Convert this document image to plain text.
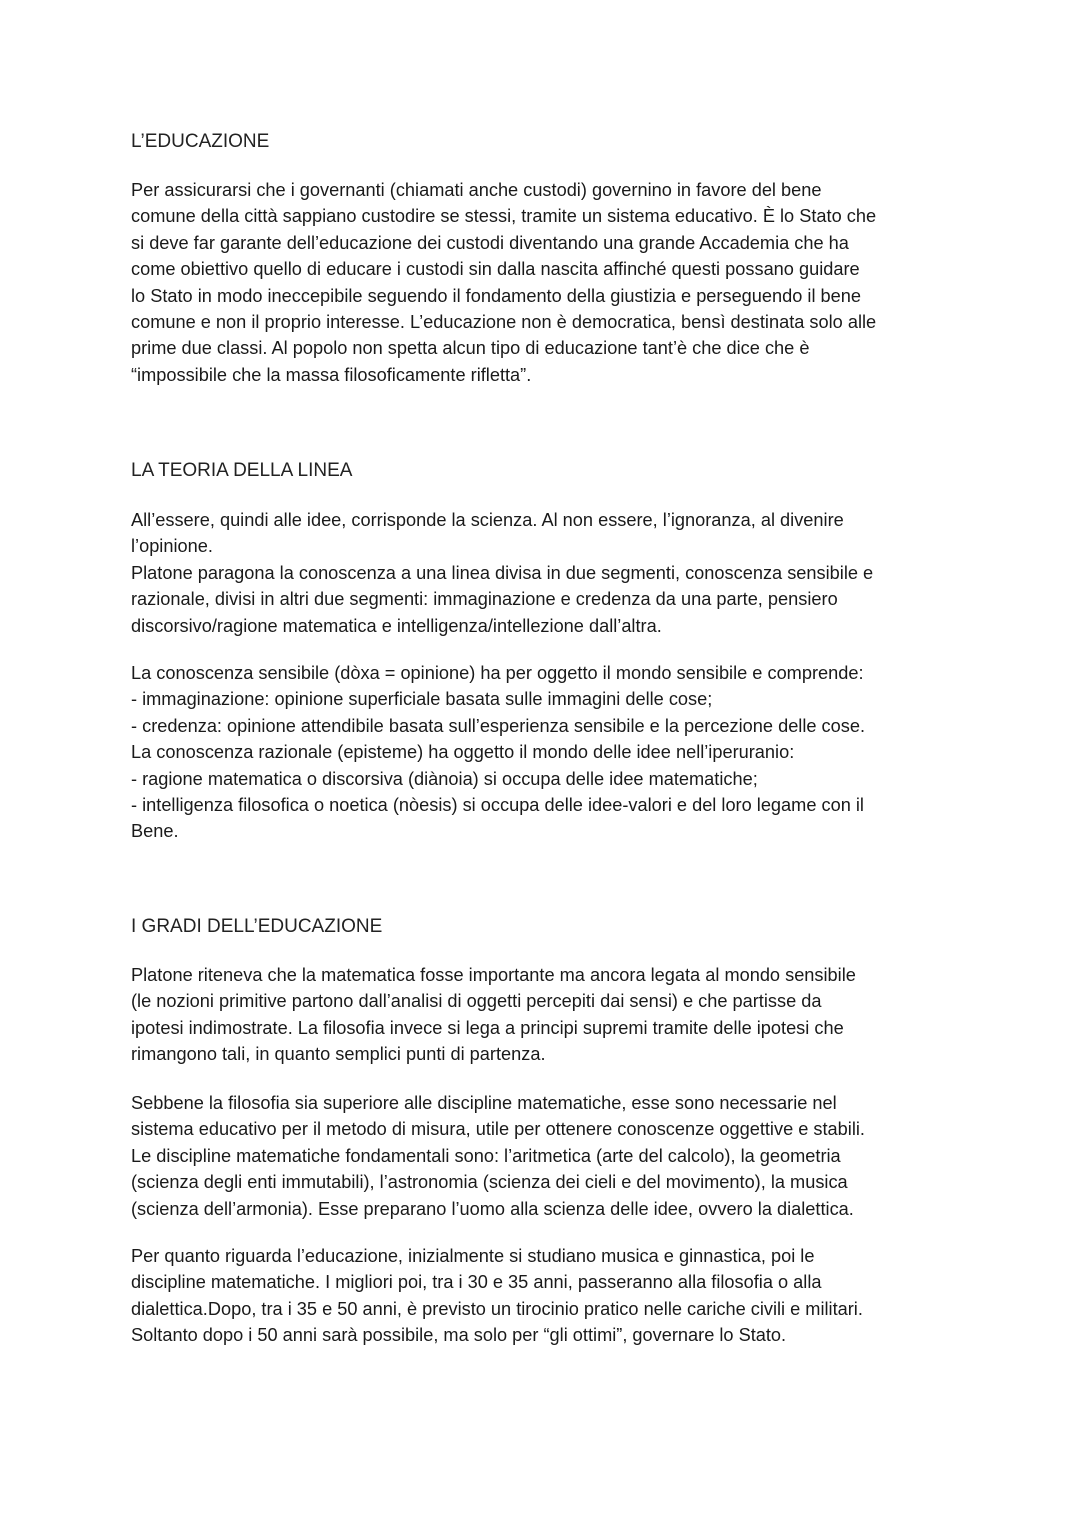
L’EDUCAZIONE
Per assicurarsi che i governanti (chiamati anche custodi) governino in favore del bene
comune della città sappiano custodire se stessi, tramite un sistema educativo. È lo Stato che
si deve far garante dell’educazione dei custodi diventando una grande Accademia che ha
come obiettivo quello di educare i custodi sin dalla nascita affinché questi possano guidare
lo Stato in modo ineccepibile seguendo il fondamento della giustizia e perseguendo il bene
comune e non il proprio interesse. L’educazione non è democratica, bensì destinata solo alle
prime due classi. Al popolo non spetta alcun tipo di educazione tant’è che dice che è
“impossibile che la massa filosoficamente rifletta”.
LA TEORIA DELLA LINEA
All’essere, quindi alle idee, corrisponde la scienza. Al non essere, l’ignoranza, al divenire
l’opinione.
Platone paragona la conoscenza a una linea divisa in due segmenti, conoscenza sensibile e
razionale, divisi in altri due segmenti: immaginazione e credenza da una parte, pensiero
discorsivo/ragione matematica e intelligenza/intellezione dall’altra.
La conoscenza sensibile (dòxa = opinione) ha per oggetto il mondo sensibile e comprende:
- immaginazione: opinione superficiale basata sulle immagini delle cose;
- credenza: opinione attendibile basata sull’esperienza sensibile e la percezione delle cose.
La conoscenza razionale (episteme) ha oggetto il mondo delle idee nell’iperuranio:
- ragione matematica o discorsiva (diànoia) si occupa delle idee matematiche;
- intelligenza filosofica o noetica (nòesis) si occupa delle idee-valori e del loro legame con il
Bene.
I GRADI DELL’EDUCAZIONE
Platone riteneva che la matematica fosse importante ma ancora legata al mondo sensibile
(le nozioni primitive partono dall’analisi di oggetti percepiti dai sensi) e che partisse da
ipotesi indimostrate. La filosofia invece si lega a principi supremi tramite delle ipotesi che
rimangono tali, in quanto semplici punti di partenza.
Sebbene la filosofia sia superiore alle discipline matematiche, esse sono necessarie nel
sistema educativo per il metodo di misura, utile per ottenere conoscenze oggettive e stabili.
Le discipline matematiche fondamentali sono: l’aritmetica (arte del calcolo), la geometria
(scienza degli enti immutabili), l’astronomia (scienza dei cieli e del movimento), la musica
(scienza dell’armonia). Esse preparano l’uomo alla scienza delle idee, ovvero la dialettica.
Per quanto riguarda l’educazione, inizialmente si studiano musica e ginnastica, poi le
discipline matematiche. I migliori poi, tra i 30 e 35 anni, passeranno alla filosofia o alla
dialettica.Dopo, tra i 35 e 50 anni, è previsto un tirocinio pratico nelle cariche civili e militari.
Soltanto dopo i 50 anni sarà possibile, ma solo per “gli ottimi”, governare lo Stato.
